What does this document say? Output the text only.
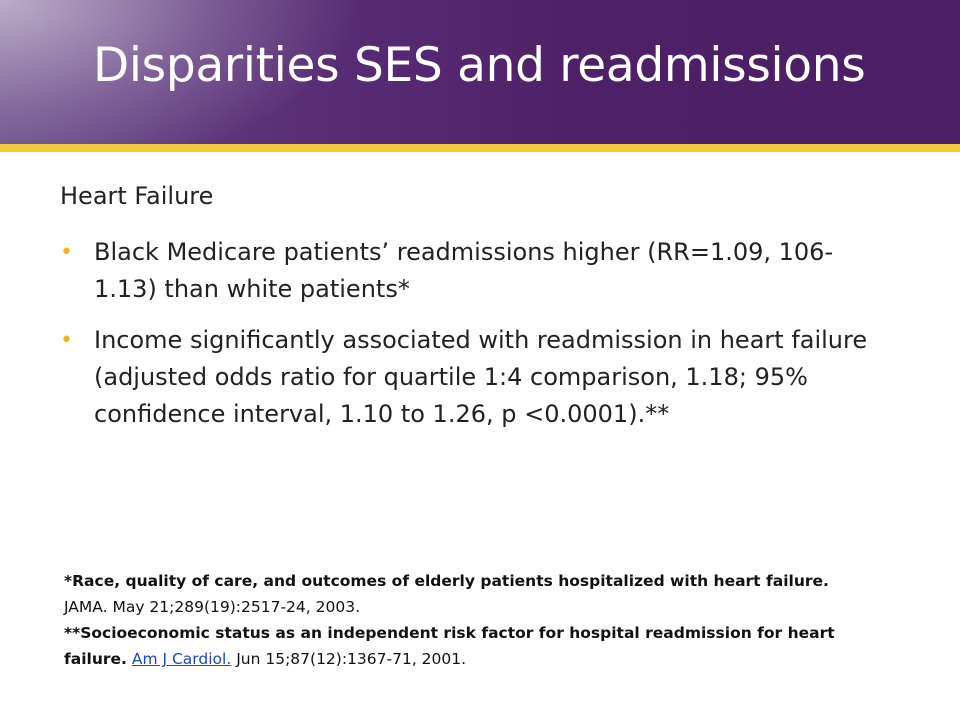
Disparities SES and readmissions
Heart Failure
• Black Medicare patients’ readmissions higher (RR=1.09, 106-1.13) than white patients*
• Income significantly associated with readmission in heart failure (adjusted odds ratio for quartile 1:4 comparison, 1.18; 95% confidence interval, 1.10 to 1.26, p <0.0001).**

*Race, quality of care, and outcomes of elderly patients hospitalized with heart failure. JAMA. May 21;289(19):2517-24, 2003.

**Socioeconomic status as an independent risk factor for hospital readmission for heart failure. Am J Cardiol. Jun 15;87(12):1367-71, 2001.
